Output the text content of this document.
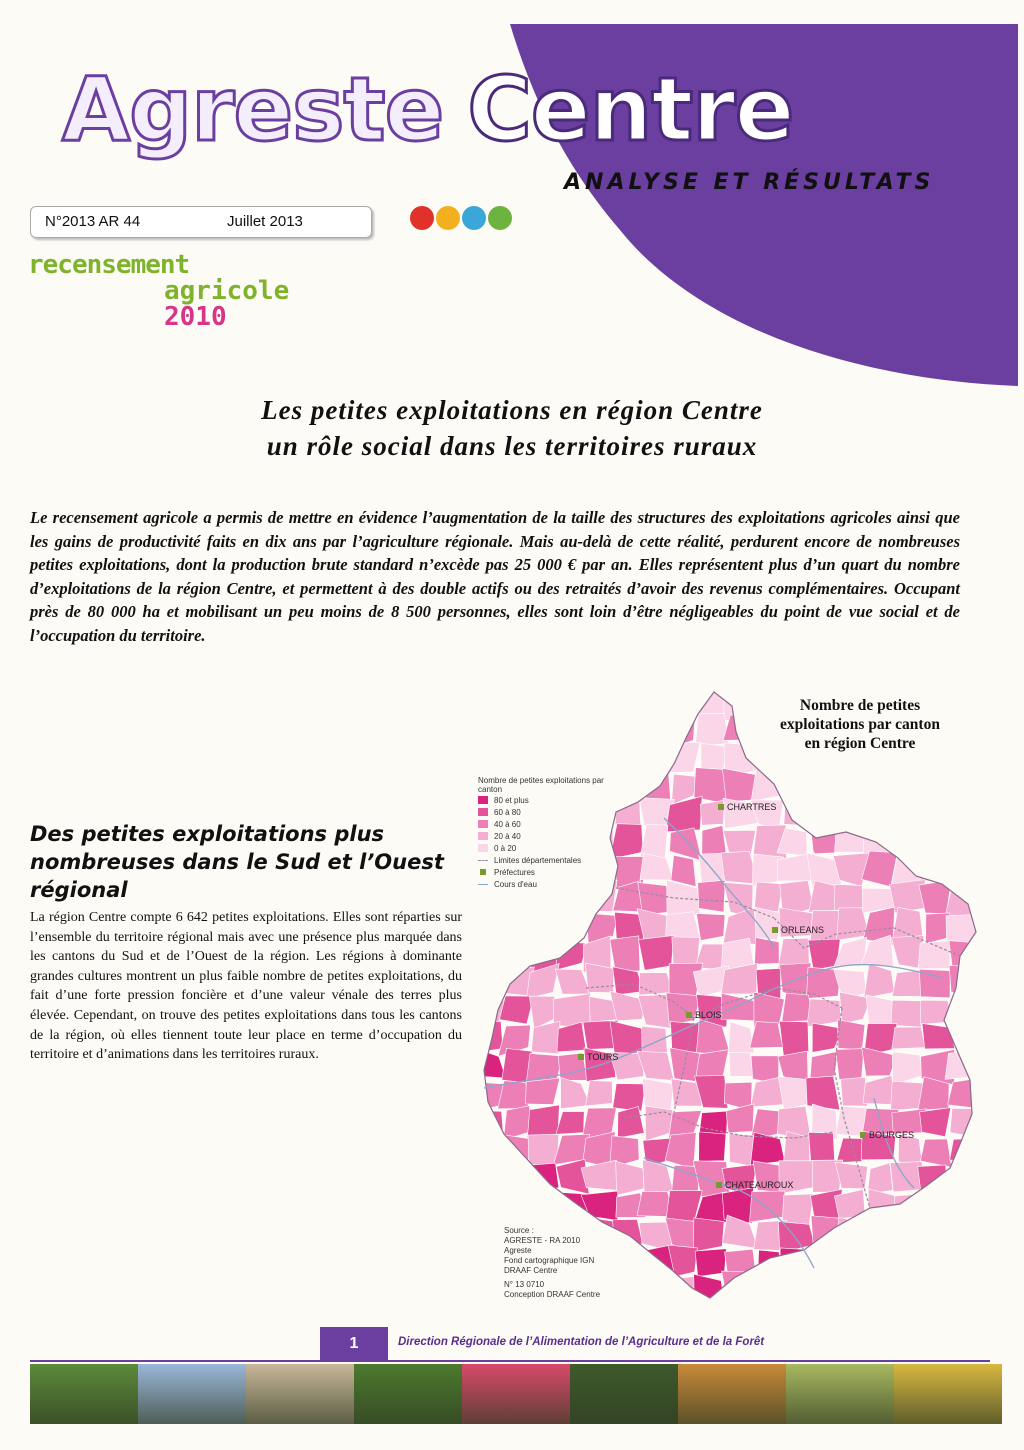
Agreste Centre
ANALYSE ET RÉSULTATS
N°2013 AR 44	Juillet 2013
recensement
agricole
2010
Les petites exploitations en région Centre
un rôle social dans les territoires ruraux
Le recensement agricole a permis de mettre en évidence l’augmentation de la taille des structures des exploitations agricoles ainsi que les gains de productivité faits en dix ans par l’agriculture régionale. Mais au-delà de cette réalité, perdurent encore de nombreuses petites exploitations, dont la production brute standard n’excède pas 25 000 € par an. Elles représentent plus d’un quart du nombre d’exploitations de la région Centre, et permettent à des double actifs ou des retraités d’avoir des revenus complémentaires. Occupant près de 80 000 ha et mobilisant un peu moins de 8 500 personnes, elles sont loin d’être négligeables du point de vue social et de l’occupation du territoire.
Nombre de petites
exploitations par canton
en région Centre
Nombre de petites exploitations par canton
80 et plus
60 à 80
40 à 60
20 à 40
0 à 20
Limites départementales
Préfectures
Cours d'eau
CHARTRES
ORLEANS
BLOIS
TOURS
BOURGES
CHATEAUROUX
Source :
AGRESTE - RA 2010
Agreste
Fond cartographique IGN
DRAAF Centre
N° 13 0710
Conception DRAAF Centre
Des petites exploitations plus
nombreuses dans le Sud et l’Ouest
régional
La région Centre compte 6 642 petites exploitations. Elles sont réparties sur l’ensemble du territoire régional mais avec une présence plus marquée dans les cantons du Sud et de l’Ouest de la région. Les régions à dominante grandes cultures montrent un plus faible nombre de petites exploitations, du fait d’une forte pression foncière et d’une valeur vénale des terres plus élevée. Cependant, on trouve des petites exploitations dans tous les cantons de la région, où elles tiennent toute leur place en terme d’occupation du territoire et d’animations dans les territoires ruraux.
1	Direction Régionale de l’Alimentation de l’Agriculture et de la Forêt
